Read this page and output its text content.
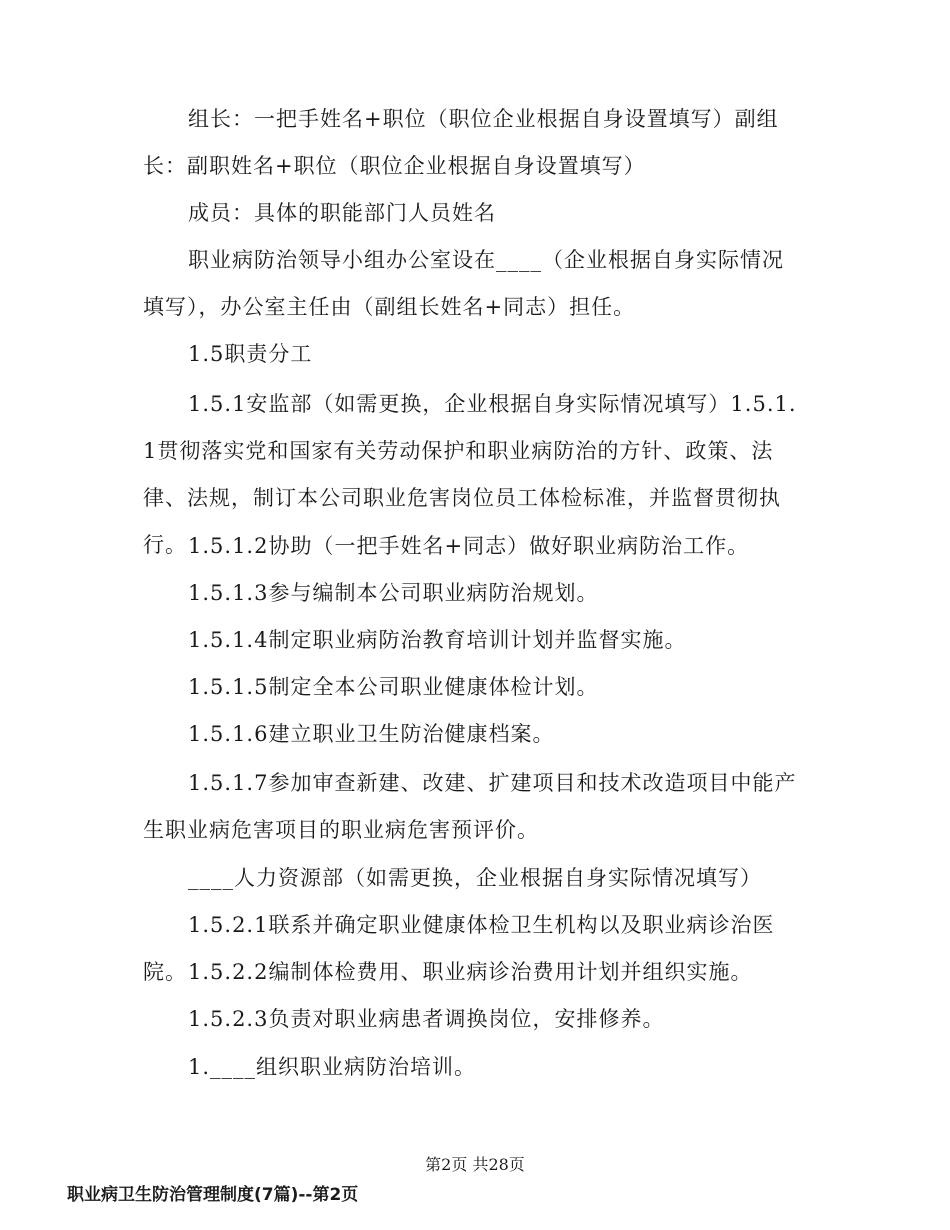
组长：一把手姓名+职位（职位企业根据自身设置填写）副组长：副职姓名+职位（职位企业根据自身设置填写）

成员：具体的职能部门人员姓名

职业病防治领导小组办公室设在____（企业根据自身实际情况填写），办公室主任由（副组长姓名+同志）担任。

1.5职责分工

1.5.1安监部（如需更换，企业根据自身实际情况填写）1.5.1.1贯彻落实党和国家有关劳动保护和职业病防治的方针、政策、法律、法规，制订本公司职业危害岗位员工体检标准，并监督贯彻执行。 1.5.1.2协助（一把手姓名+同志）做好职业病防治工作。

1.5.1.3参与编制本公司职业病防治规划。

1.5.1.4制定职业病防治教育培训计划并监督实施。

1.5.1.5制定全本公司职业健康体检计划。

1.5.1.6建立职业卫生防治健康档案。

1.5.1.7参加审查新建、改建、扩建项目和技术改造项目中能产生职业病危害项目的职业病危害预评价。

____人力资源部（如需更换，企业根据自身实际情况填写）

1.5.2.1联系并确定职业健康体检卫生机构以及职业病诊治医院。 1.5.2.2编制体检费用、职业病诊治费用计划并组织实施。

1.5.2.3负责对职业病患者调换岗位，安排修养。

1.____组织职业病防治培训。

第2页 共28页
职业病卫生防治管理制度(7篇)--第2页
